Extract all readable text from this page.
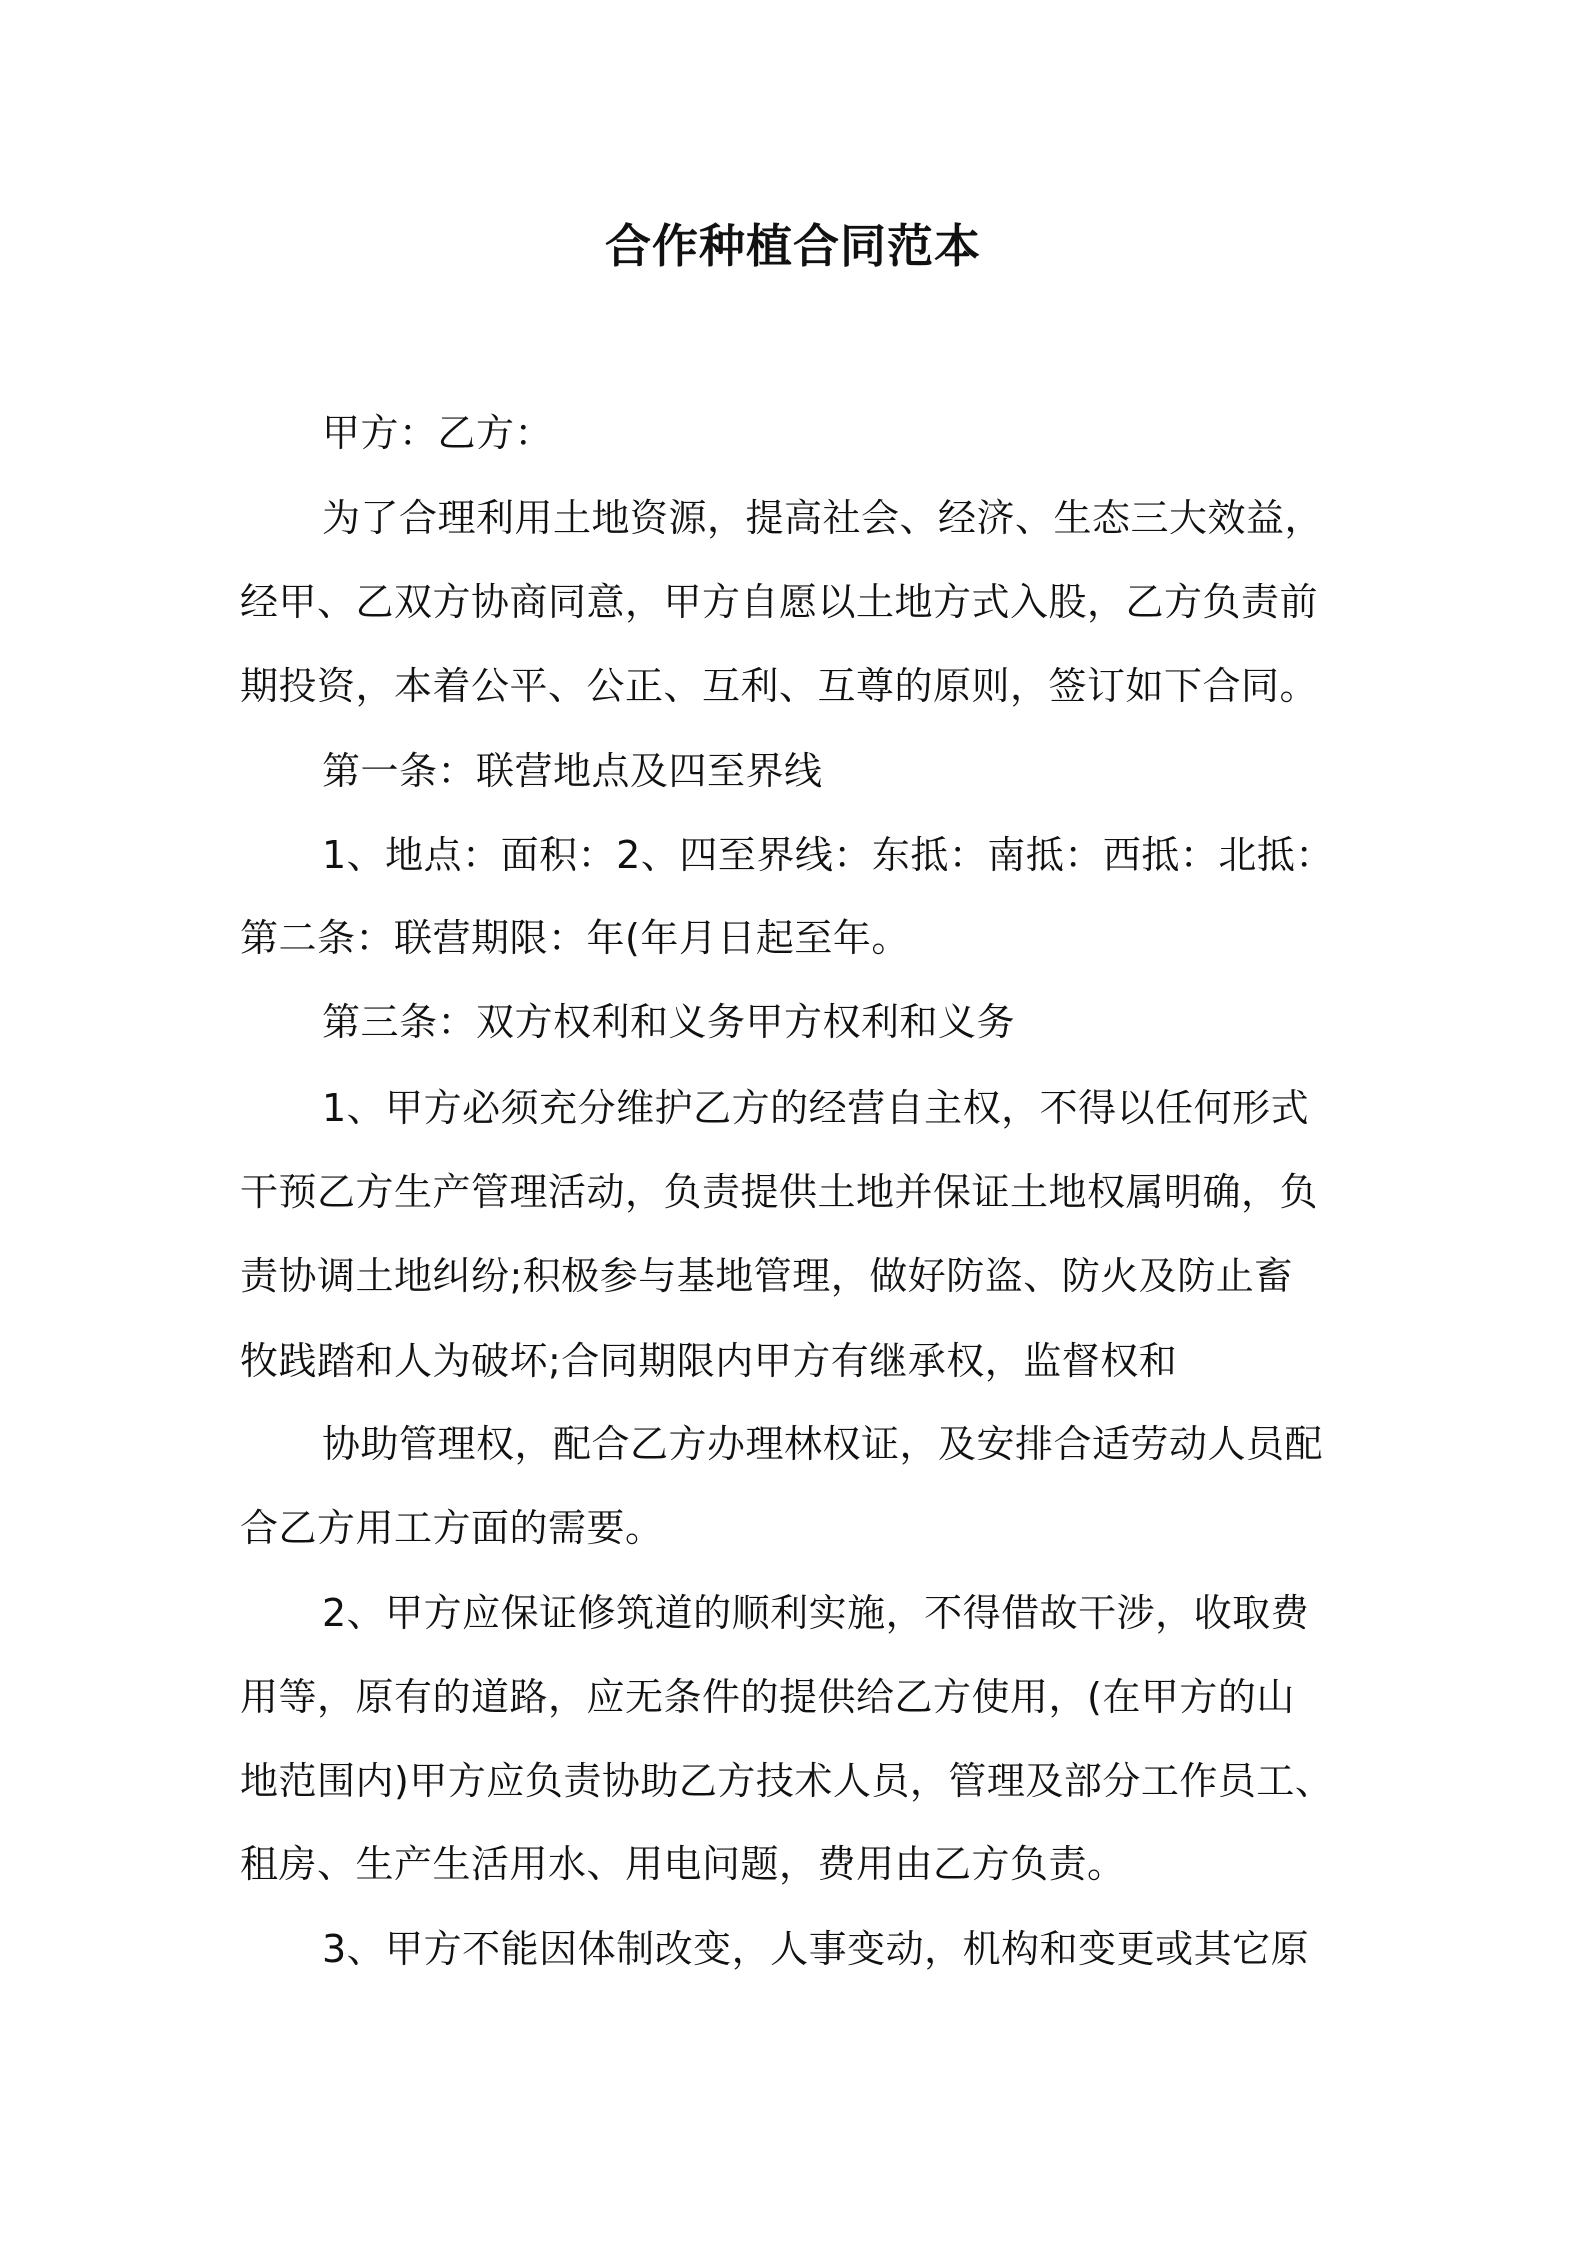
合作种植合同范本
甲方：乙方：
为了合理利用土地资源，提高社会、经济、生态三大效益，
经甲、乙双方协商同意，甲方自愿以土地方式入股，乙方负责前
期投资，本着公平、公正、互利、互尊的原则，签订如下合同。
第一条：联营地点及四至界线
1、地点：面积：2、四至界线：东抵：南抵：西抵：北抵：
第二条：联营期限：年(年月日起至年。
第三条：双方权利和义务甲方权利和义务
1、甲方必须充分维护乙方的经营自主权，不得以任何形式
干预乙方生产管理活动，负责提供土地并保证土地权属明确，负
责协调土地纠纷;积极参与基地管理，做好防盗、防火及防止畜
牧践踏和人为破坏;合同期限内甲方有继承权，监督权和
协助管理权，配合乙方办理林权证，及安排合适劳动人员配
合乙方用工方面的需要。
2、甲方应保证修筑道的顺利实施，不得借故干涉，收取费
用等，原有的道路，应无条件的提供给乙方使用，(在甲方的山
地范围内)甲方应负责协助乙方技术人员，管理及部分工作员工、
租房、生产生活用水、用电问题，费用由乙方负责。
3、甲方不能因体制改变，人事变动，机构和变更或其它原
